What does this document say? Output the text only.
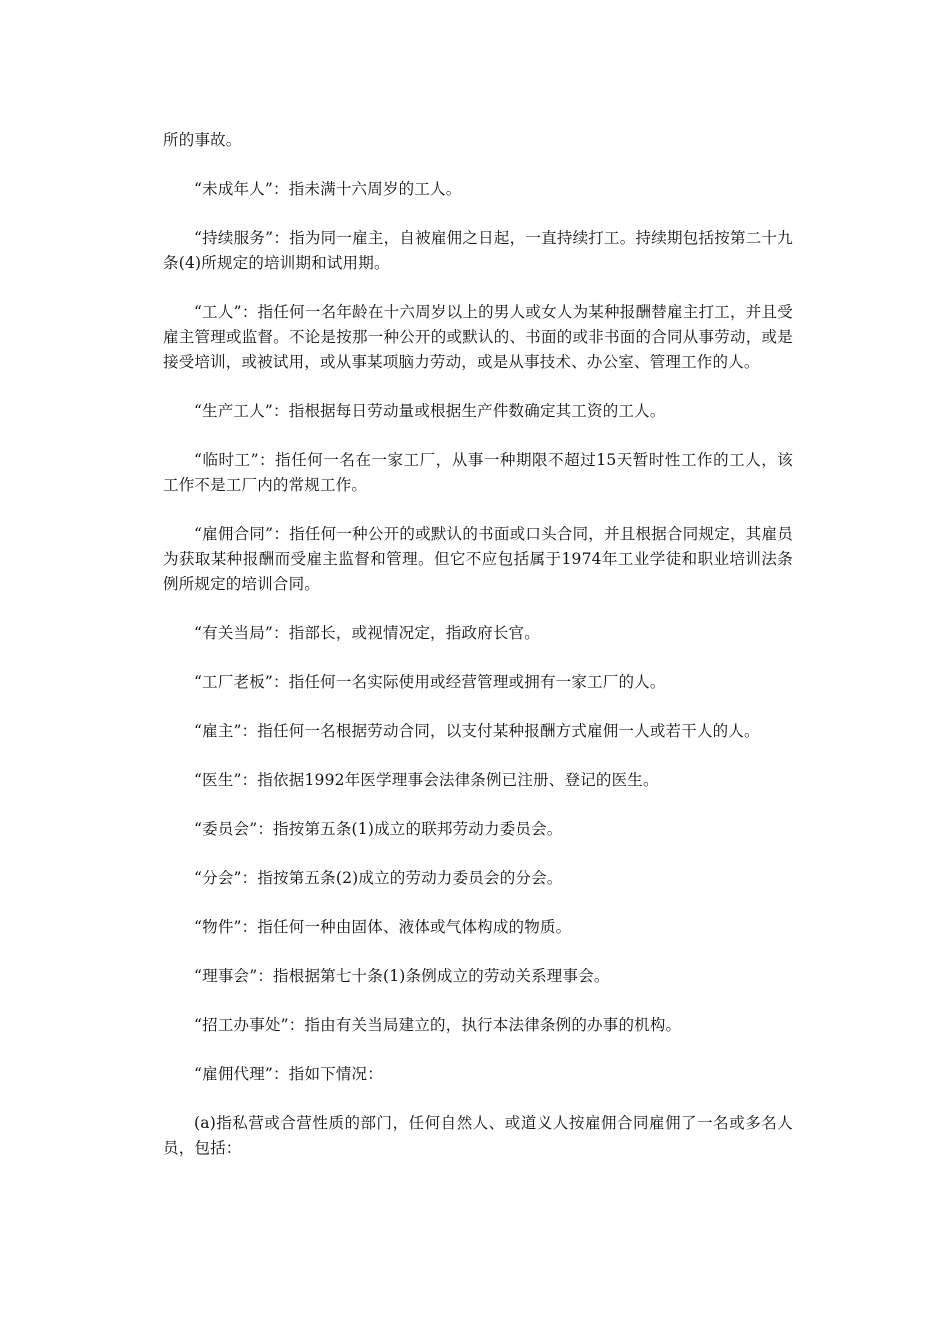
所的事故。

“未成年人”：指未满十六周岁的工人。

“持续服务”：指为同一雇主，自被雇佣之日起，一直持续打工。持续期包括按第二十九条(4)所规定的培训期和试用期。

“工人”：指任何一名年龄在十六周岁以上的男人或女人为某种报酬替雇主打工，并且受雇主管理或监督。不论是按那一种公开的或默认的、书面的或非书面的合同从事劳动，或是接受培训，或被试用，或从事某项脑力劳动，或是从事技术、办公室、管理工作的人。

“生产工人”：指根据每日劳动量或根据生产件数确定其工资的工人。

“临时工”：指任何一名在一家工厂，从事一种期限不超过15天暂时性工作的工人，该工作不是工厂内的常规工作。

“雇佣合同”：指任何一种公开的或默认的书面或口头合同，并且根据合同规定，其雇员为获取某种报酬而受雇主监督和管理。但它不应包括属于1974年工业学徒和职业培训法条例所规定的培训合同。

“有关当局”：指部长，或视情况定，指政府长官。

“工厂老板”：指任何一名实际使用或经营管理或拥有一家工厂的人。

“雇主”：指任何一名根据劳动合同，以支付某种报酬方式雇佣一人或若干人的人。

“医生”：指依据1992年医学理事会法律条例已注册、登记的医生。

“委员会”：指按第五条(1)成立的联邦劳动力委员会。

“分会”：指按第五条(2)成立的劳动力委员会的分会。

“物件”：指任何一种由固体、液体或气体构成的物质。

“理事会”：指根据第七十条(1)条例成立的劳动关系理事会。

“招工办事处”：指由有关当局建立的，执行本法律条例的办事的机构。

“雇佣代理”：指如下情况：

(a)指私营或合营性质的部门，任何自然人、或道义人按雇佣合同雇佣了一名或多名人员，包括：
